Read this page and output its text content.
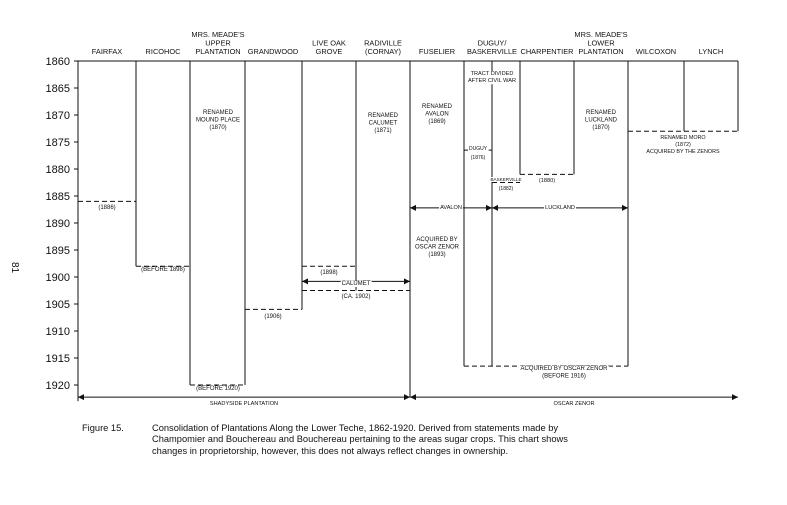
1860
1865
1870
1875
1880
1885
1890
1895
1900
1905
1910
1915
1920
FAIRFAX	RICOHOC
MRS. MEADE'S UPPER PLANTATION GRANDWOOD
LIVE OAK GROVE
RADIVILLE (CORNAY) FUSELIER
DUGUY/ BASKERVILLE CHARPENTIER
MRS. MEADE'S LOWER PLANTATION	WILCOXON	LYNCH
(1886)
(BEFORE 1898)
RENAMED MOUND PLACE (1870)
(BEFORE 1920)
(1906)
(1898)
CALUMET
(CA. 1902)
RENAMED CALUMET (1871)
RENAMED AVALON (1869)
TRACT DIVIDED AFTER CIVIL WAR
DUGUY
(1876)
BASKERVILLE
(1882)
(1880)
RENAMED LUCKLAND (1870)
RENAMED MORO (1872) ACQUIRED BY THE ZENORS
AVALON	LUCKLAND
ACQUIRED BY OSCAR ZENOR (1893)
ACQUIRED BY OSCAR ZENOR (BEFORE 1916)
SHADYSIDE PLANTATION	OSCAR ZENOR
81
Figure 15.	Consolidation of Plantations Along the Lower Teche, 1862-1920. Derived from statements made by Champomier and Bouchereau and Bouchereau pertaining to the areas sugar crops. This chart shows changes in proprietorship, however, this does not always reflect changes in ownership.
